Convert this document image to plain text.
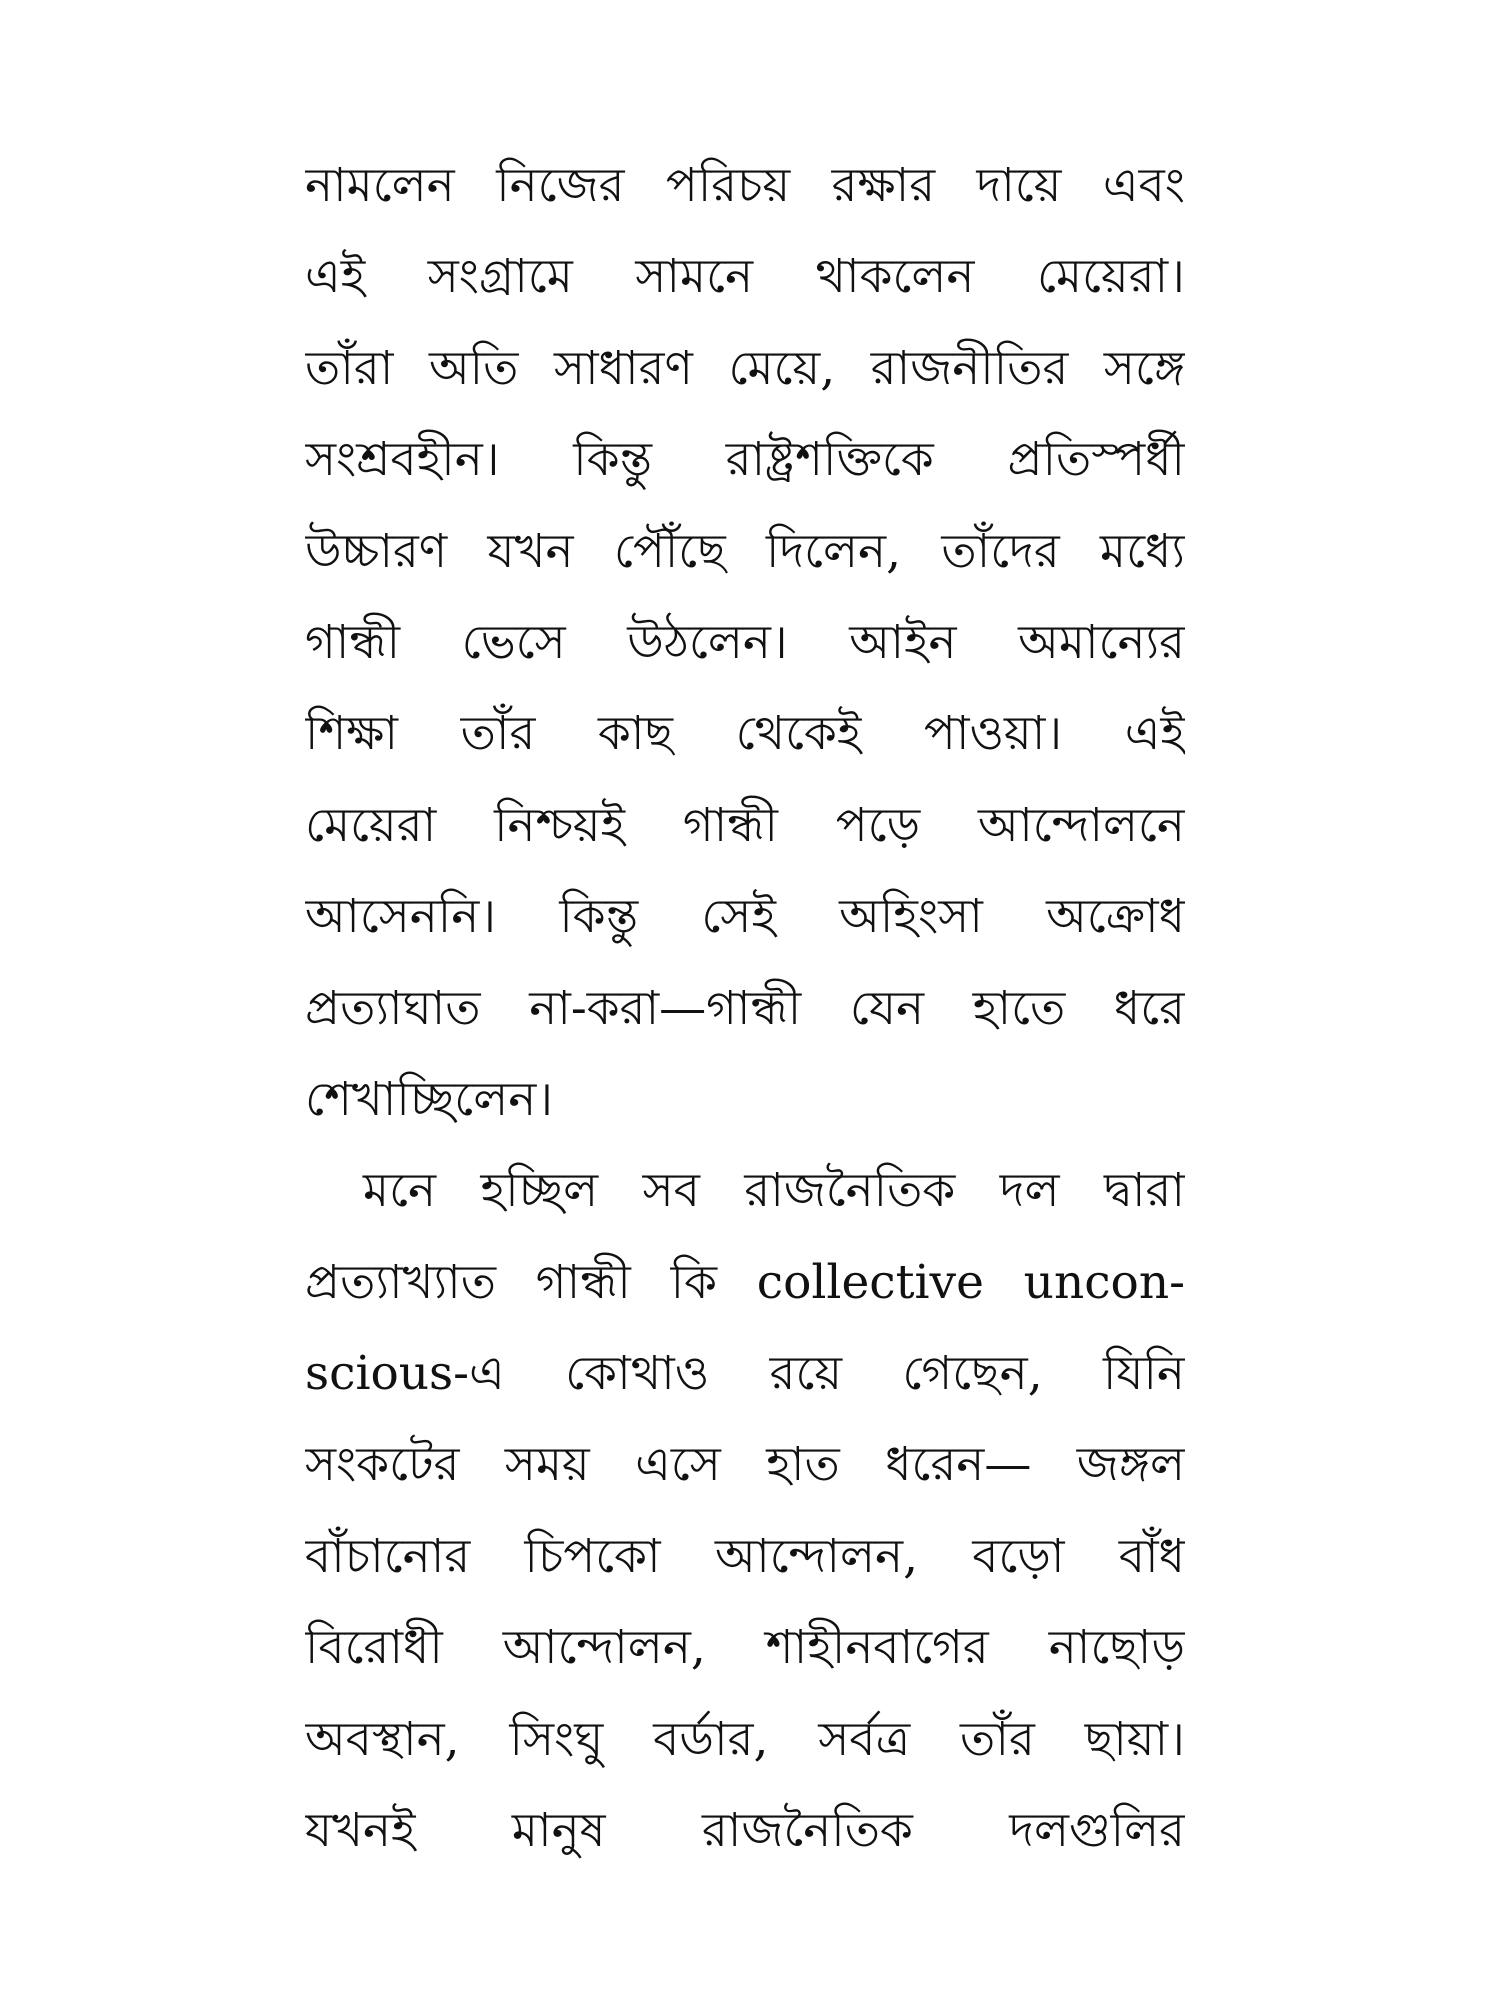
নামলেন নিজের পরিচয় রক্ষার দায়ে এবং
এই সংগ্রামে সামনে থাকলেন মেয়েরা।
তাঁরা অতি সাধারণ মেয়ে, রাজনীতির সঙ্গে
সংশ্রবহীন। কিন্তু রাষ্ট্রশক্তিকে প্রতিস্পর্ধী
উচ্চারণ যখন পৌঁছে দিলেন, তাঁদের মধ্যে
গান্ধী ভেসে উঠলেন। আইন অমান্যের
শিক্ষা তাঁর কাছ থেকেই পাওয়া। এই
মেয়েরা নিশ্চয়ই গান্ধী পড়ে আন্দোলনে
আসেননি। কিন্তু সেই অহিংসা অক্রোধ
প্রত্যাঘাত না-করা—গান্ধী যেন হাতে ধরে
শেখাচ্ছিলেন।
মনে হচ্ছিল সব রাজনৈতিক দল দ্বারা
প্রত্যাখ্যাত গান্ধী কি collective uncon-
scious-এ কোথাও রয়ে গেছেন, যিনি
সংকটের সময় এসে হাত ধরেন— জঙ্গল
বাঁচানোর চিপকো আন্দোলন, বড়ো বাঁধ
বিরোধী আন্দোলন, শাহীনবাগের নাছোড়
অবস্থান, সিংঘু বর্ডার, সর্বত্র তাঁর ছায়া।
যখনই মানুষ রাজনৈতিক দলগুলির
